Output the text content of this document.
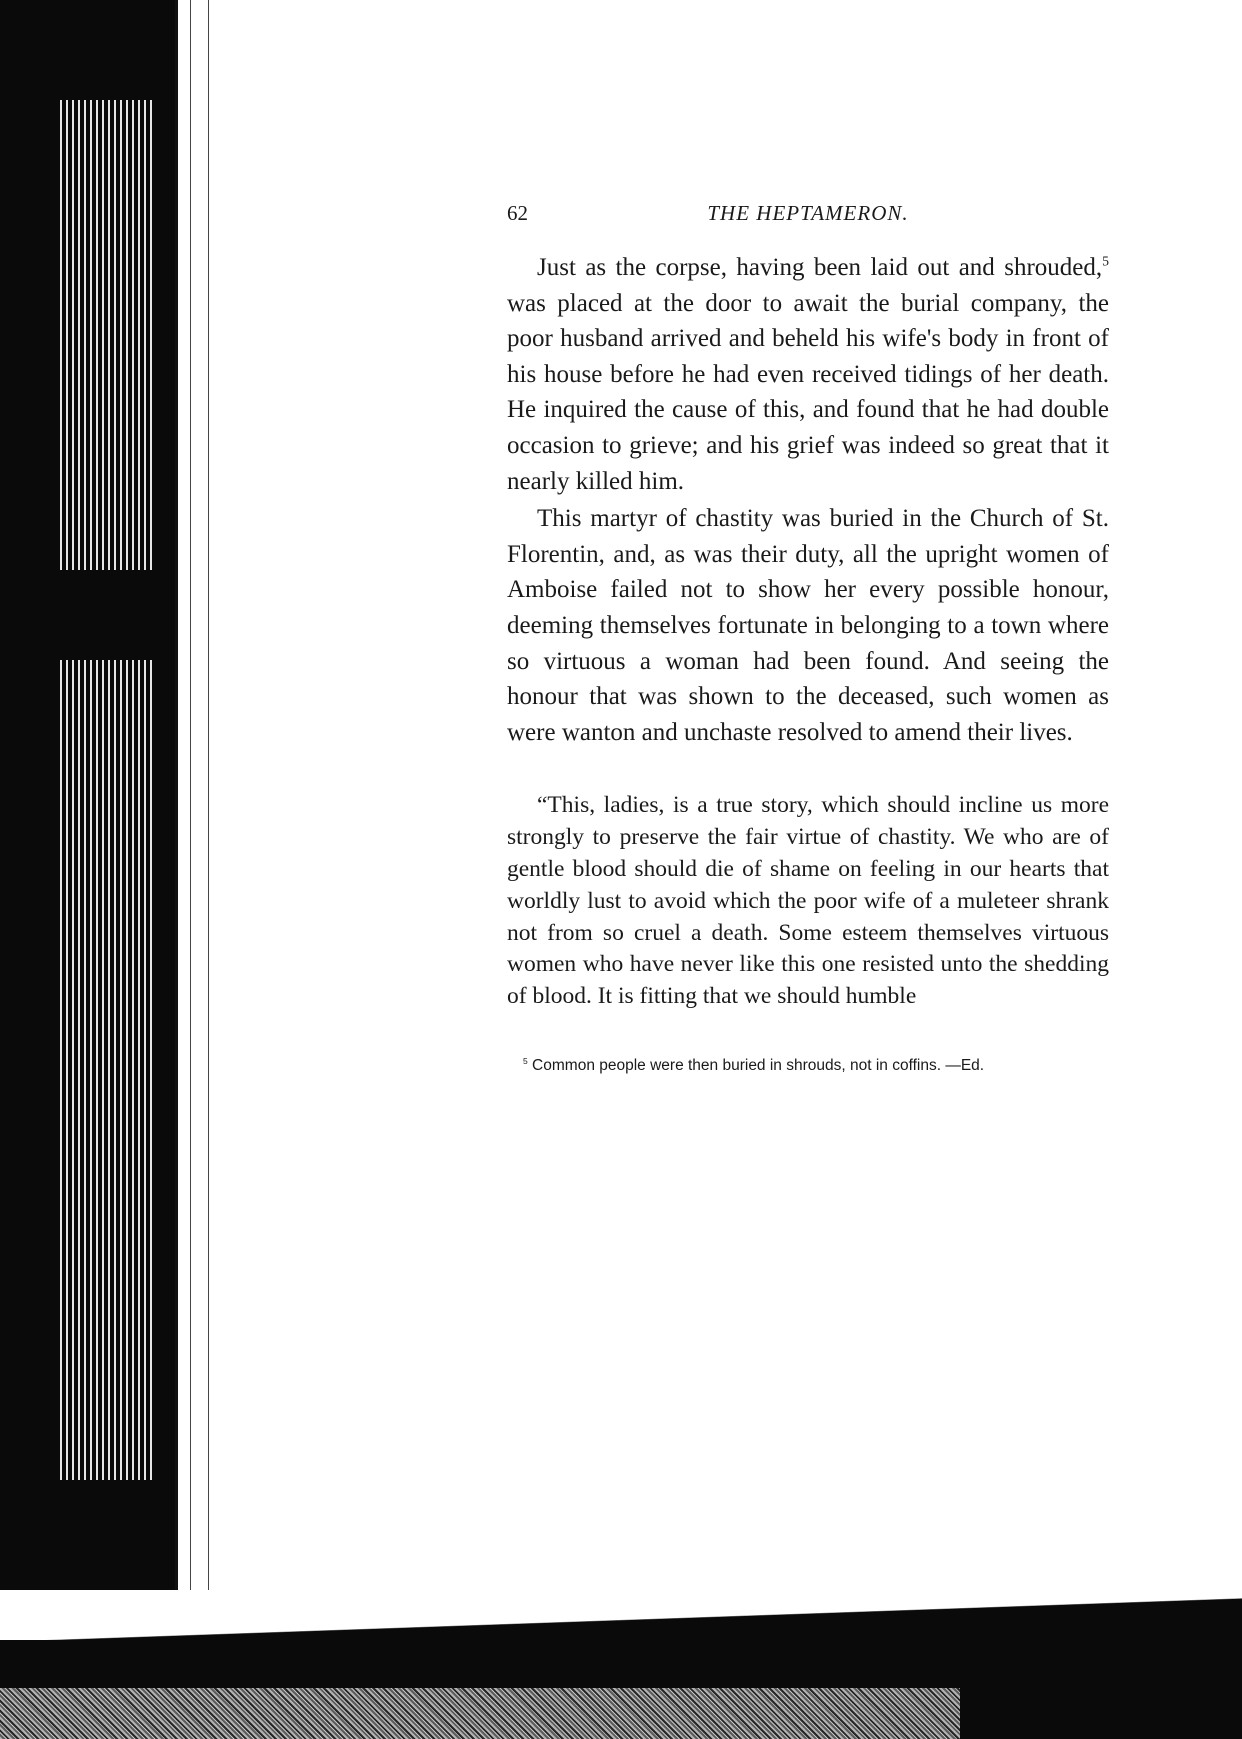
62	THE HEPTAMERON.

Just as the corpse, having been laid out and shrouded,$^5$ was placed at the door to await the burial company, the poor husband arrived and beheld his wife's body in front of his house before he had even received tidings of her death. He inquired the cause of this, and found that he had double occasion to grieve; and his grief was indeed so great that it nearly killed him.

This martyr of chastity was buried in the Church of St. Florentin, and, as was their duty, all the upright women of Amboise failed not to show her every possible honour, deeming themselves fortunate in belonging to a town where so virtuous a woman had been found. And seeing the honour that was shown to the deceased, such women as were wanton and unchaste resolved to amend their lives.

“This, ladies, is a true story, which should incline us more strongly to preserve the fair virtue of chastity. We who are of gentle blood should die of shame on feeling in our hearts that worldly lust to avoid which the poor wife of a muleteer shrank not from so cruel a death. Some esteem themselves virtuous women who have never like this one resisted unto the shedding of blood. It is fitting that we should humble

$^5$ Common people were then buried in shrouds, not in coffins. —Ed.
